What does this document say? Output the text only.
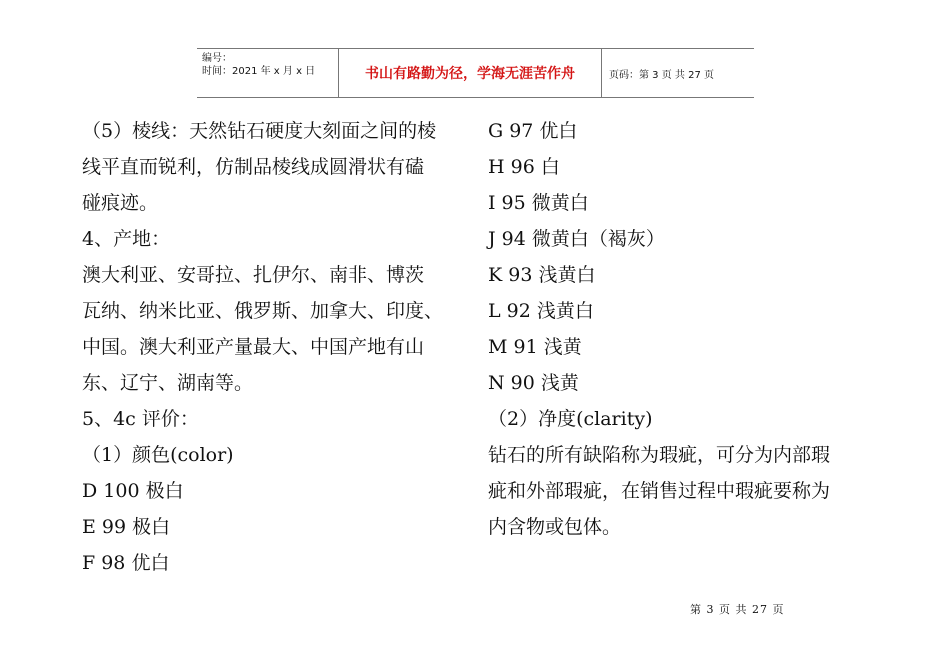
编号：
时间：2021 年 x 月 x 日	书山有路勤为径，学海无涯苦作舟	页码：第 3 页 共 27 页
（5）棱线：天然钻石硬度大刻面之间的棱
线平直而锐利，仿制品棱线成圆滑状有磕
碰痕迹。
4、产地：
澳大利亚、安哥拉、扎伊尔、南非、博茨
瓦纳、纳米比亚、俄罗斯、加拿大、印度、
中国。澳大利亚产量最大、中国产地有山
东、辽宁、湖南等。
5、4c 评价：
（1）颜色(color)
D 100 极白
E 99 极白
F 98 优白
G 97 优白
H 96 白
I 95 微黄白
J 94 微黄白（褐灰）
K 93 浅黄白
L 92 浅黄白
M 91 浅黄
N 90 浅黄
（2）净度(clarity)
钻石的所有缺陷称为瑕疵，可分为内部瑕
疵和外部瑕疵，在销售过程中瑕疵要称为
内含物或包体。
第 3 页 共 27 页
